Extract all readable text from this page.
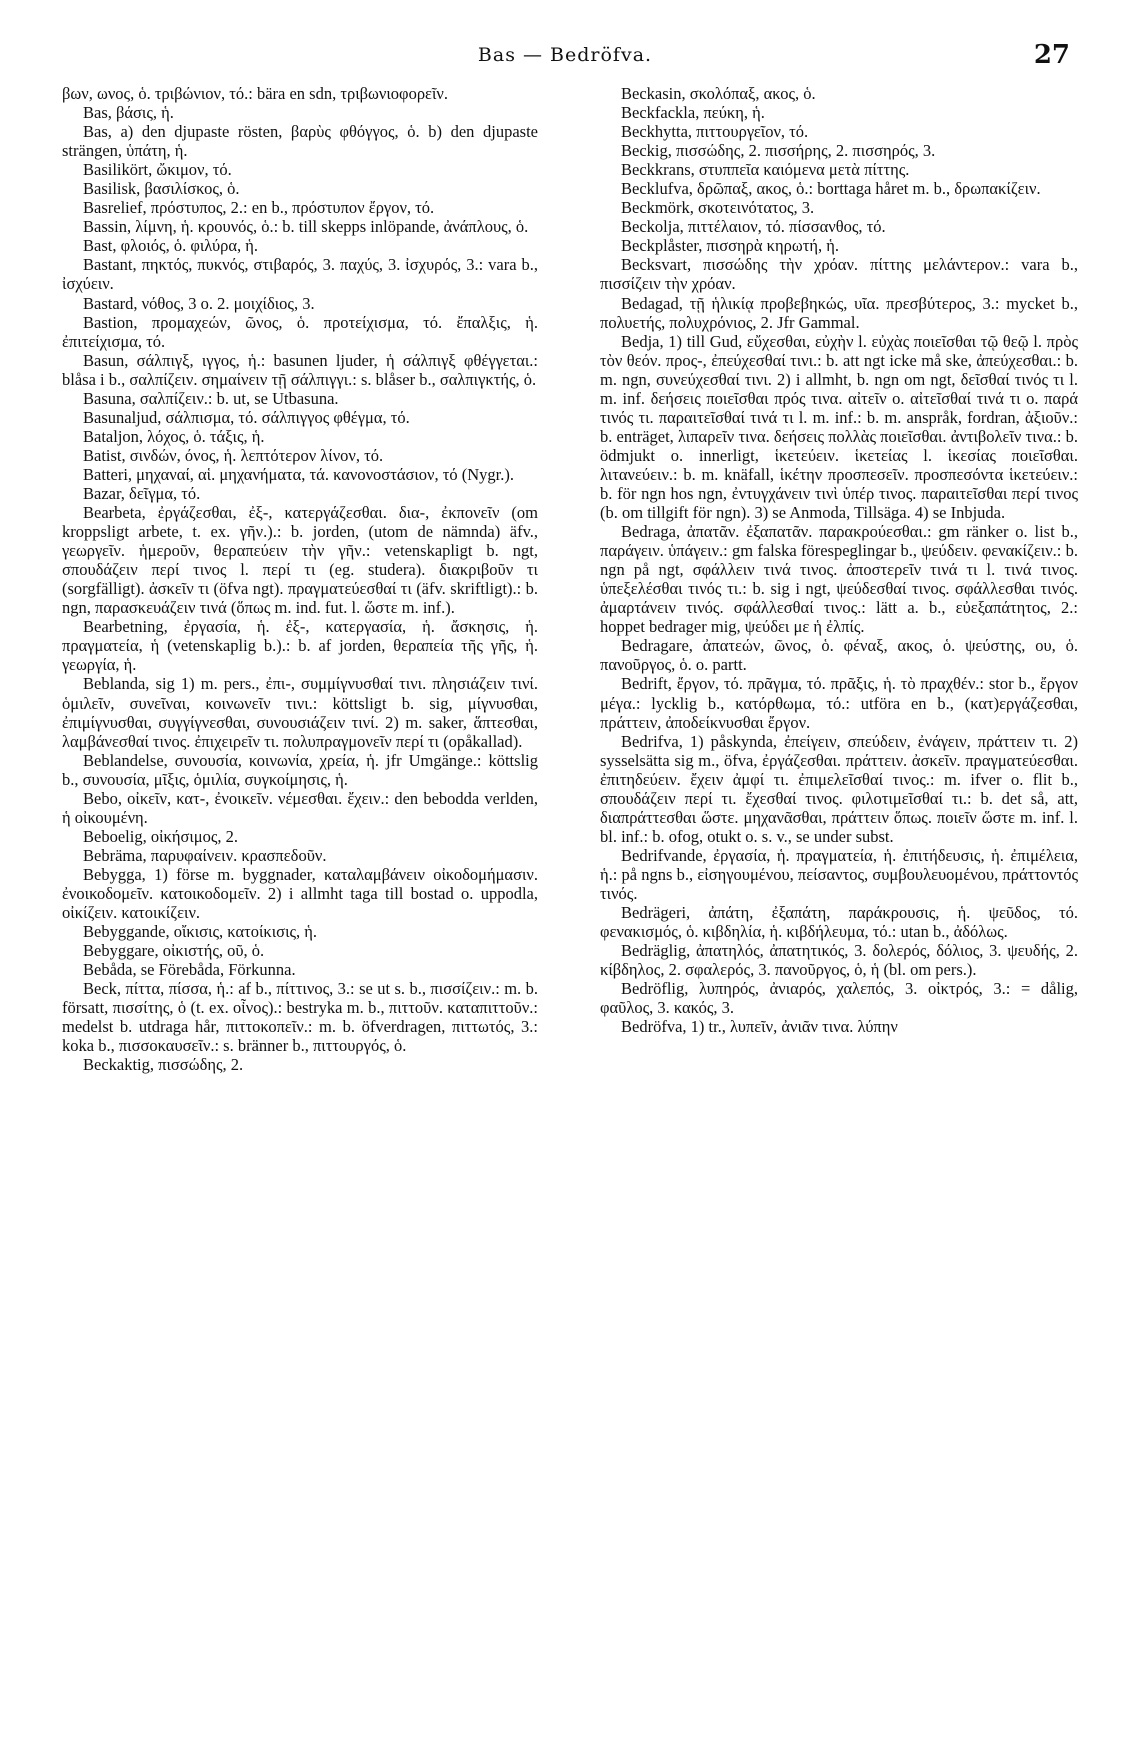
Bas — Bedröfva.	27

βων, ωνος, ὁ. τριβώνιον, τό.: bära en sdn, τριβωνιοφορεῖν.

Bas, βάσις, ἡ.

Bas, a) den djupaste rösten, βαρὺς φθόγγος, ὁ. b) den djupaste strängen, ὑπάτη, ἡ.

Basilikört, ὤκιμον, τό.

Basilisk, βασιλίσκος, ὁ.

Basrelief, πρόστυπος, 2.: en b., πρόστυπον ἔργον, τό.

Bassin, λίμνη, ἡ. κρουνός, ὁ.: b. till skepps inlöpande, ἀνάπλους, ὁ.

Bast, φλοιός, ὁ. φιλύρα, ἡ.

Bastant, πηκτός, πυκνός, στιβαρός, 3. παχύς, 3. ἰσχυρός, 3.: vara b., ἰσχύειν.

Bastard, νόθος, 3 o. 2. μοιχίδιος, 3.

Bastion, προμαχεών, ῶνος, ὁ. προτείχισμα, τό. ἔπαλξις, ἡ. ἐπιτείχισμα, τό.

Basun, σάλπιγξ, ιγγος, ἡ.: basunen ljuder, ἡ σάλπιγξ φθέγγεται.: blåsa i b., σαλπίζειν. σημαίνειν τῇ σάλπιγγι.: s. blåser b., σαλπιγκτής, ὁ.

Basuna, σαλπίζειν.: b. ut, se Utbasuna.

Basunaljud, σάλπισμα, τό. σάλπιγγος φθέγμα, τό.

Bataljon, λόχος, ὁ. τάξις, ἡ.

Batist, σινδών, όνος, ἡ. λεπτότερον λίνον, τό.

Batteri, μηχαναί, αἱ. μηχανήματα, τά. κανονοστάσιον, τό (Nygr.).

Bazar, δεῖγμα, τό.

Bearbeta, ἐργάζεσθαι, ἐξ-, κατεργάζεσθαι. δια-, ἐκπονεῖν (om kroppsligt arbete, t. ex. γῆν.).: b. jorden, (utom de nämnda) äfv., γεωργεῖν. ἡμεροῦν, θεραπεύειν τὴν γῆν.: vetenskapligt b. ngt, σπουδάζειν περί τινος l. περί τι (eg. studera). διακριβοῦν τι (sorgfälligt). ἀσκεῖν τι (öfva ngt). πραγματεύεσθαί τι (äfv. skriftligt).: b. ngn, παρασκευάζειν τινά (ὅπως m. ind. fut. l. ὥστε m. inf.).

Bearbetning, ἐργασία, ἡ. ἐξ-, κατεργασία, ἡ. ἄσκησις, ἡ. πραγματεία, ἡ (vetenskaplig b.).: b. af jorden, θεραπεία τῆς γῆς, ἡ. γεωργία, ἡ.

Beblanda, sig 1) m. pers., ἐπι-, συμμίγνυσθαί τινι. πλησιάζειν τινί. ὁμιλεῖν, συνεῖναι, κοινωνεῖν τινι.: köttsligt b. sig, μίγνυσθαι, ἐπιμίγνυσθαι, συγγίγνεσθαι, συνουσιάζειν τινί. 2) m. saker, ἅπτεσθαι, λαμβάνεσθαί τινος. ἐπιχειρεῖν τι. πολυπραγμονεῖν περί τι (opåkallad).

Beblandelse, συνουσία, κοινωνία, χρεία, ἡ. jfr Umgänge.: köttslig b., συνουσία, μῖξις, ὁμιλία, συγκοίμησις, ἡ.

Bebo, οἰκεῖν, κατ-, ἐνοικεῖν. νέμεσθαι. ἔχειν.: den bebodda verlden, ἡ οἰκουμένη.

Beboelig, οἰκήσιμος, 2.

Bebräma, παρυφαίνειν. κρασπεδοῦν.

Bebygga, 1) förse m. byggnader, καταλαμβάνειν οἰκοδομήμασιν. ἐνοικοδομεῖν. κατοικοδομεῖν. 2) i allmht taga till bostad o. uppodla, οἰκίζειν. κατοικίζειν.

Bebyggande, οἴκισις, κατοίκισις, ἡ.

Bebyggare, οἰκιστής, οῦ, ὁ.

Bebåda, se Förebåda, Förkunna.

Beck, πίττα, πίσσα, ἡ.: af b., πίττινος, 3.: se ut s. b., πισσίζειν.: m. b. försatt, πισσίτης, ὁ (t. ex. οἶνος).: bestryka m. b., πιττοῦν. καταπιττοῦν.: medelst b. utdraga hår, πιττοκοπεῖν.: m. b. öfverdragen, πιττωτός, 3.: koka b., πισσοκαυσεῖν.: s. bränner b., πιττουργός, ὁ.

Beckaktig, πισσώδης, 2.

Beckasin, σκολόπαξ, ακος, ὁ.

Beckfackla, πεύκη, ἡ.

Beckhytta, πιττουργεῖον, τό.

Beckig, πισσώδης, 2. πισσήρης, 2. πισσηρός, 3.

Beckkrans, στυππεῖα καιόμενα μετὰ πίττης.

Becklufva, δρῶπαξ, ακος, ὁ.: borttaga håret m. b., δρωπακίζειν.

Beckmörk, σκοτεινότατος, 3.

Beckolja, πιττέλαιον, τό. πίσσανθος, τό.

Beckplåster, πισσηρὰ κηρωτή, ἡ.

Becksvart, πισσώδης τὴν χρόαν. πίττης μελάντερον.: vara b., πισσίζειν τὴν χρόαν.

Bedagad, τῇ ἡλικίᾳ προβεβηκώς, υῖα. πρεσβύτερος, 3.: mycket b., πολυετής, πολυχρόνιος, 2. Jfr Gammal.

Bedja, 1) till Gud, εὔχεσθαι, εὐχὴν l. εὐχὰς ποιεῖσθαι τῷ θεῷ l. πρὸς τὸν θεόν. προς-, ἐπεύχεσθαί τινι.: b. att ngt icke må ske, ἀπεύχεσθαι.: b. m. ngn, συνεύχεσθαί τινι. 2) i allmht, b. ngn om ngt, δεῖσθαί τινός τι l. m. inf. δεήσεις ποιεῖσθαι πρός τινα. αἰτεῖν o. αἰτεῖσθαί τινά τι o. παρά τινός τι. παραιτεῖσθαί τινά τι l. m. inf.: b. m. anspråk, fordran, ἀξιοῦν.: b. enträget, λιπαρεῖν τινα. δεήσεις πολλὰς ποιεῖσθαι. ἀντιβολεῖν τινα.: b. ödmjukt o. innerligt, ἱκετεύειν. ἱκετείας l. ἱκεσίας ποιεῖσθαι. λιτανεύειν.: b. m. knäfall, ἱκέτην προσπεσεῖν. προσπεσόντα ἱκετεύειν.: b. för ngn hos ngn, ἐντυγχάνειν τινὶ ὑπέρ τινος. παραιτεῖσθαι περί τινος (b. om tillgift för ngn). 3) se Anmoda, Tillsäga. 4) se Inbjuda.

Bedraga, ἀπατᾶν. ἐξαπατᾶν. παρακρούεσθαι.: gm ränker o. list b., παράγειν. ὑπάγειν.: gm falska förespeglingar b., ψεύδειν. φενακίζειν.: b. ngn på ngt, σφάλλειν τινά τινος. ἀποστερεῖν τινά τι l. τινά τινος. ὑπεξελέσθαι τινός τι.: b. sig i ngt, ψεύδεσθαί τινος. σφάλλεσθαι τινός. ἀμαρτάνειν τινός. σφάλλεσθαί τινος.: lätt a. b., εὐεξαπάτητος, 2.: hoppet bedrager mig, ψεύδει με ἡ ἐλπίς.

Bedragare, ἀπατεών, ῶνος, ὁ. φέναξ, ακος, ὁ. ψεύστης, ου, ὁ. πανοῦργος, ὁ. o. partt.

Bedrift, ἔργον, τό. πρᾶγμα, τό. πρᾶξις, ἡ. τὸ πραχθέν.: stor b., ἔργον μέγα.: lycklig b., κατόρθωμα, τό.: utföra en b., (κατ)εργάζεσθαι, πράττειν, ἀποδείκνυσθαι ἔργον.

Bedrifva, 1) påskynda, ἐπείγειν, σπεύδειν, ἐνάγειν, πράττειν τι. 2) sysselsätta sig m., öfva, ἐργάζεσθαι. πράττειν. ἀσκεῖν. πραγματεύεσθαι. ἐπιτηδεύειν. ἔχειν ἀμφί τι. ἐπιμελεῖσθαί τινος.: m. ifver o. flit b., σπουδάζειν περί τι. ἔχεσθαί τινος. φιλοτιμεῖσθαί τι.: b. det så, att, διαπράττεσθαι ὥστε. μηχανᾶσθαι, πράττειν ὅπως. ποιεῖν ὥστε m. inf. l. bl. inf.: b. ofog, otukt o. s. v., se under subst.

Bedrifvande, ἐργασία, ἡ. πραγματεία, ἡ. ἐπιτήδευσις, ἡ. ἐπιμέλεια, ἡ.: på ngns b., εἰσηγουμένου, πείσαντος, συμβουλευομένου, πράττοντός τινός.

Bedrägeri, ἀπάτη, ἐξαπάτη, παράκρουσις, ἡ. ψεῦδος, τό. φενακισμός, ὁ. κιβδηλία, ἡ. κιβδήλευμα, τό.: utan b., ἀδόλως.

Bedräglig, ἀπατηλός, ἀπατητικός, 3. δολερός, δόλιος, 3. ψευδής, 2. κίβδηλος, 2. σφαλερός, 3. πανοῦργος, ὁ, ἡ (bl. om pers.).

Bedröflig, λυπηρός, ἀνιαρός, χαλεπός, 3. οἰκτρός, 3.: = dålig, φαῦλος, 3. κακός, 3.

Bedröfva, 1) tr., λυπεῖν, ἀνιᾶν τινα. λύπην
